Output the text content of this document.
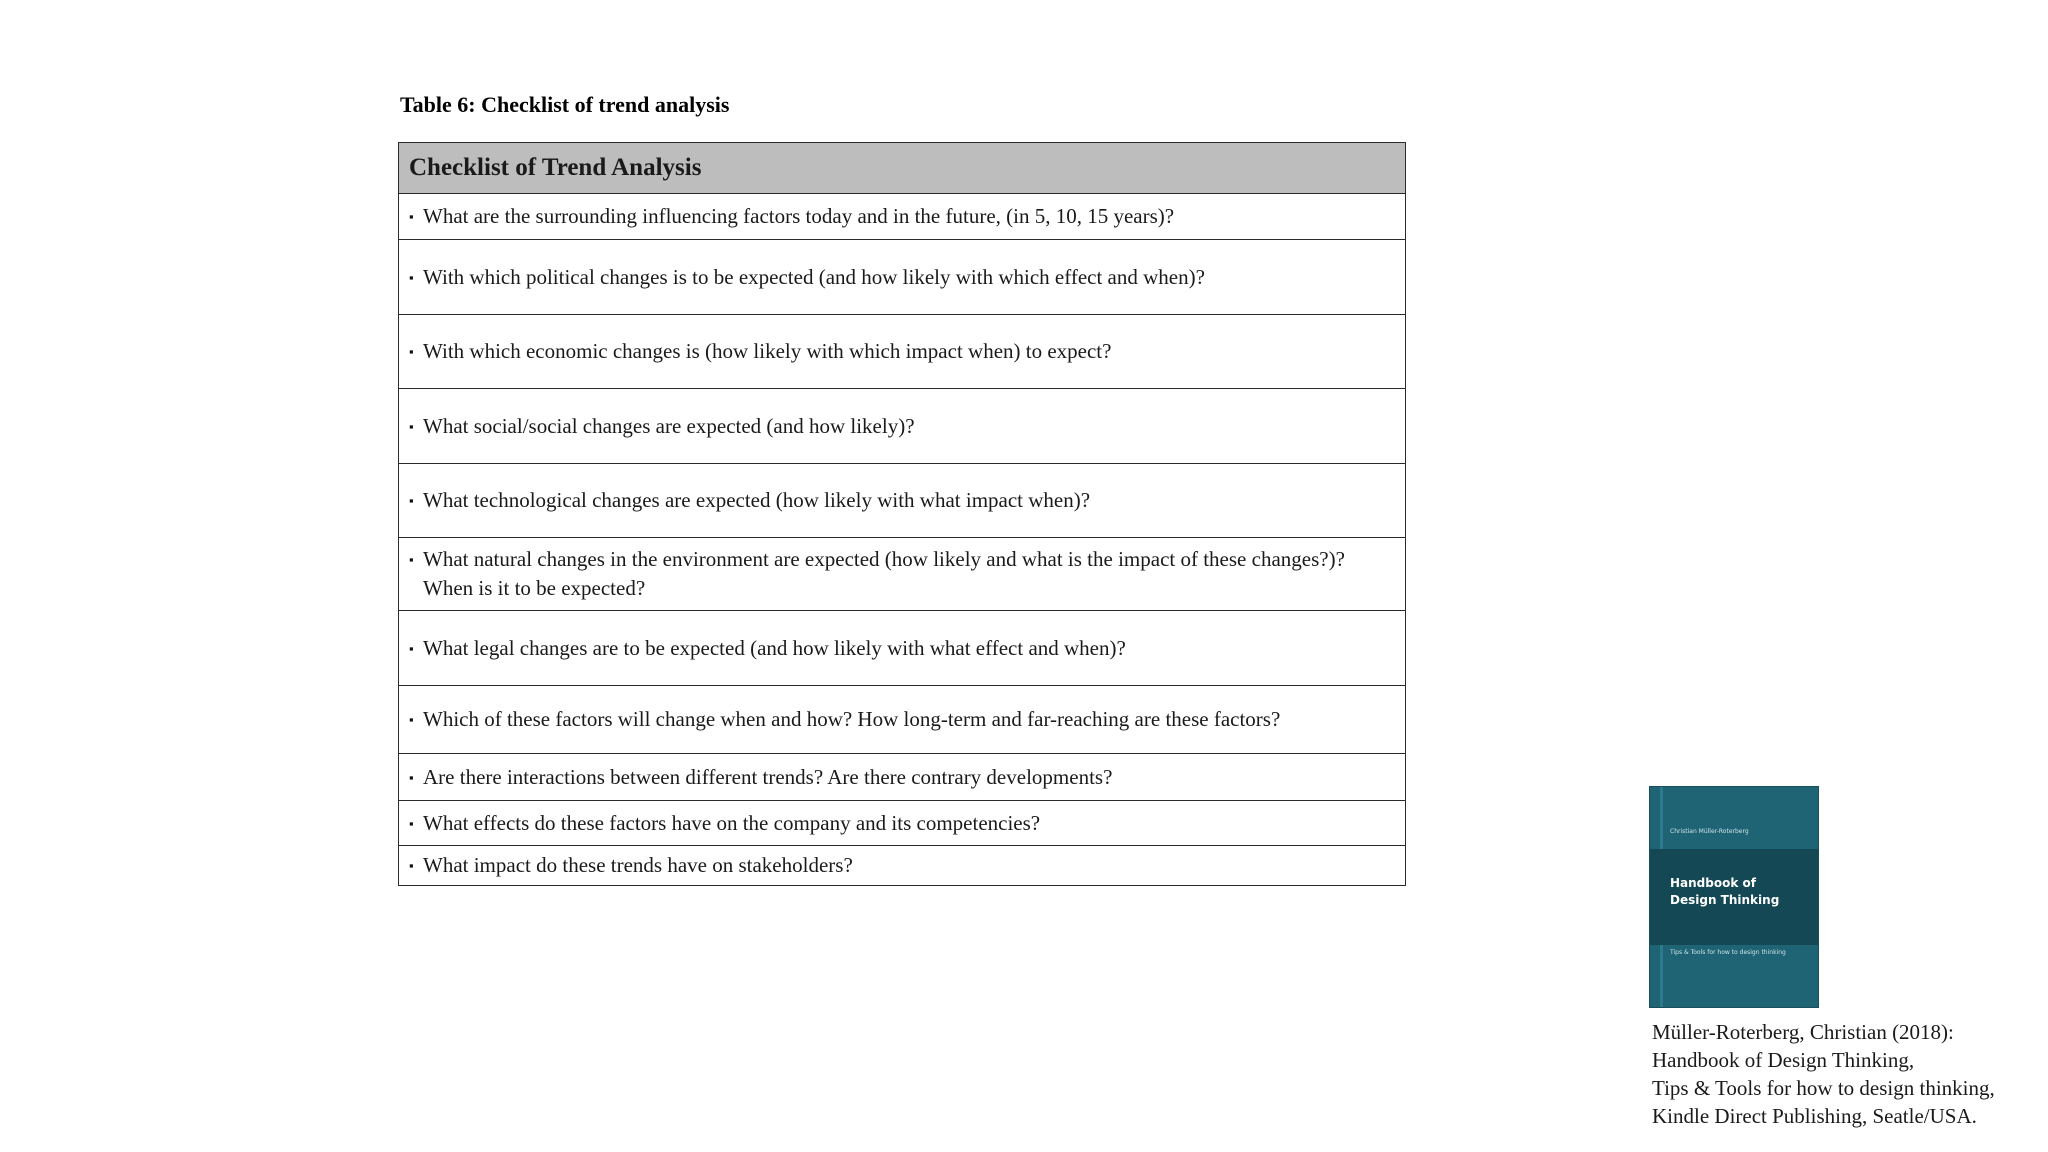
Table 6: Checklist of trend analysis
Checklist of Trend Analysis
▪ What are the surrounding influencing factors today and in the future, (in 5, 10, 15 years)?
▪ With which political changes is to be expected (and how likely with which effect and when)?
▪ With which economic changes is (how likely with which impact when) to expect?
▪ What social/social changes are expected (and how likely)?
▪ What technological changes are expected (how likely with what impact when)?
▪ What natural changes in the environment are expected (how likely and what is the impact of these changes?)? When is it to be expected?
▪ What legal changes are to be expected (and how likely with what effect and when)?
▪ Which of these factors will change when and how? How long-term and far-reaching are these factors?
▪ Are there interactions between different trends? Are there contrary developments?
▪ What effects do these factors have on the company and its competencies?
▪ What impact do these trends have on stakeholders?
Christian Müller-Roterberg
Handbook of
Design Thinking
Tips & Tools for how to design thinking
Müller-Roterberg, Christian (2018):
Handbook of Design Thinking,
Tips & Tools for how to design thinking,
Kindle Direct Publishing, Seatle/USA.
